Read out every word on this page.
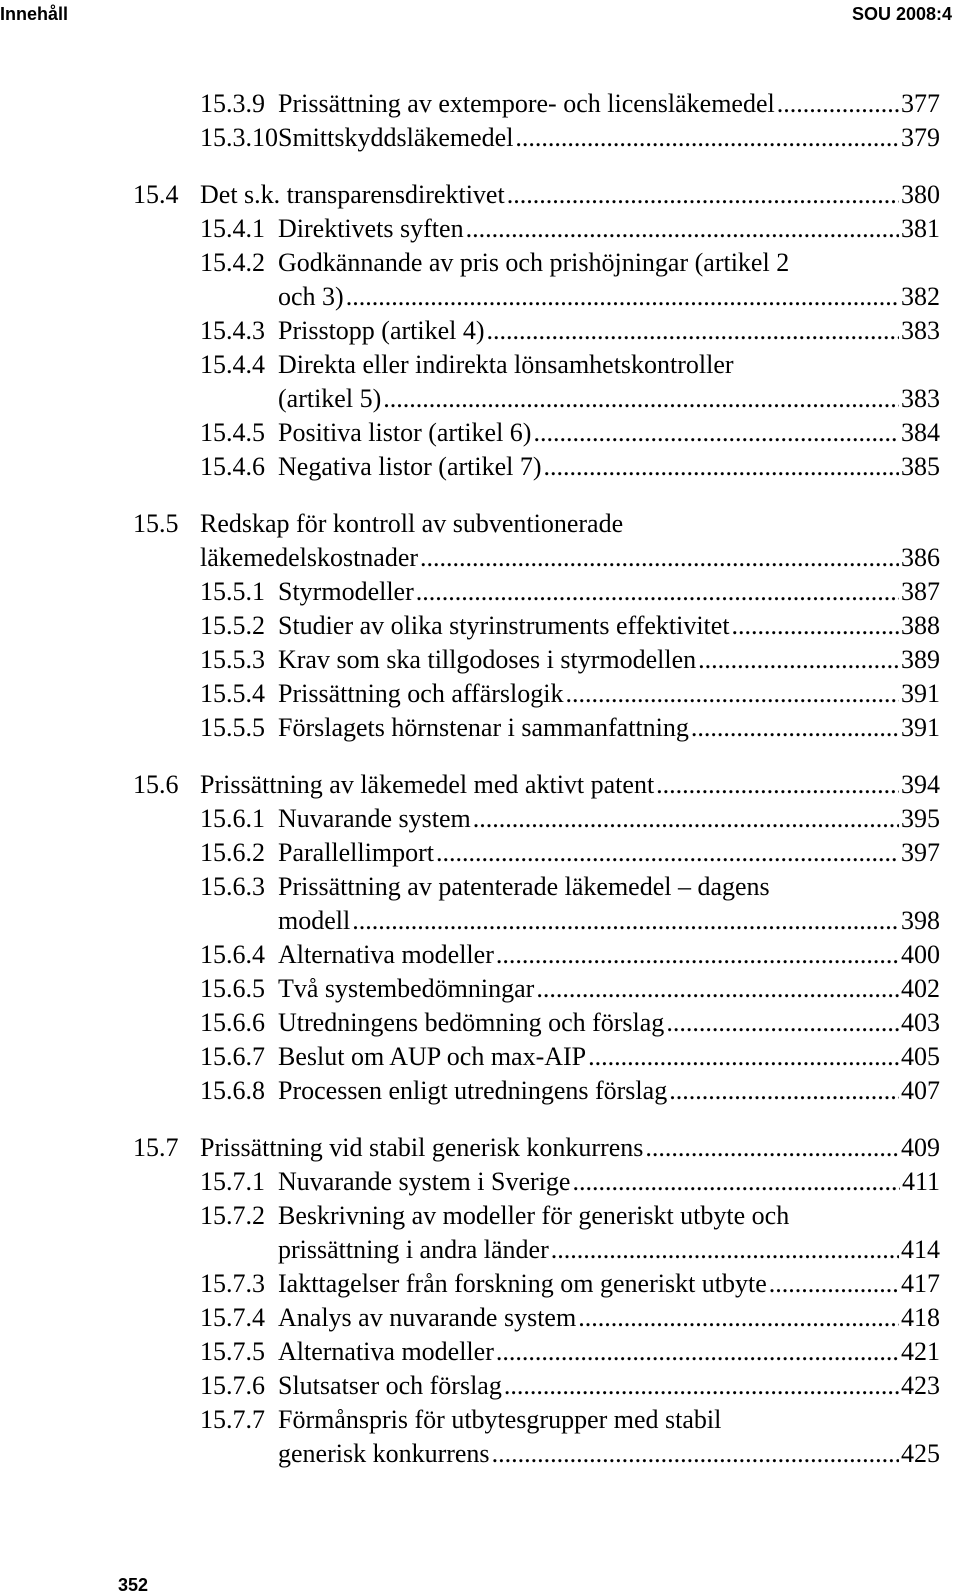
Innehåll	SOU 2008:4
15.3.9 Prissättning av extempore- och licensläkemedel .....	377
15.3.10 Smittskyddsläkemedel .....	379
15.4 Det s.k. transparensdirektivet .....	380
15.4.1 Direktivets syften .....	381
15.4.2 Godkännande av pris och prishöjningar (artikel 2
och 3) .....	382
15.4.3 Prisstopp (artikel 4) .....	383
15.4.4 Direkta eller indirekta lönsamhetskontroller
(artikel 5) .....	383
15.4.5 Positiva listor (artikel 6) .....	384
15.4.6 Negativa listor (artikel 7) .....	385
15.5 Redskap för kontroll av subventionerade
läkemedelskostnader .....	386
15.5.1 Styrmodeller .....	387
15.5.2 Studier av olika styrinstruments effektivitet .....	388
15.5.3 Krav som ska tillgodoses i styrmodellen .....	389
15.5.4 Prissättning och affärslogik .....	391
15.5.5 Förslagets hörnstenar i sammanfattning .....	391
15.6 Prissättning av läkemedel med aktivt patent .....	394
15.6.1 Nuvarande system .....	395
15.6.2 Parallellimport .....	397
15.6.3 Prissättning av patenterade läkemedel – dagens
modell .....	398
15.6.4 Alternativa modeller .....	400
15.6.5 Två systembedömningar .....	402
15.6.6 Utredningens bedömning och förslag .....	403
15.6.7 Beslut om AUP och max-AIP .....	405
15.6.8 Processen enligt utredningens förslag .....	407
15.7 Prissättning vid stabil generisk konkurrens .....	409
15.7.1 Nuvarande system i Sverige .....	411
15.7.2 Beskrivning av modeller för generiskt utbyte och
prissättning i andra länder .....	414
15.7.3 Iakttagelser från forskning om generiskt utbyte .....	417
15.7.4 Analys av nuvarande system .....	418
15.7.5 Alternativa modeller .....	421
15.7.6 Slutsatser och förslag .....	423
15.7.7 Förmånspris för utbytesgrupper med stabil
generisk konkurrens .....	425
352
